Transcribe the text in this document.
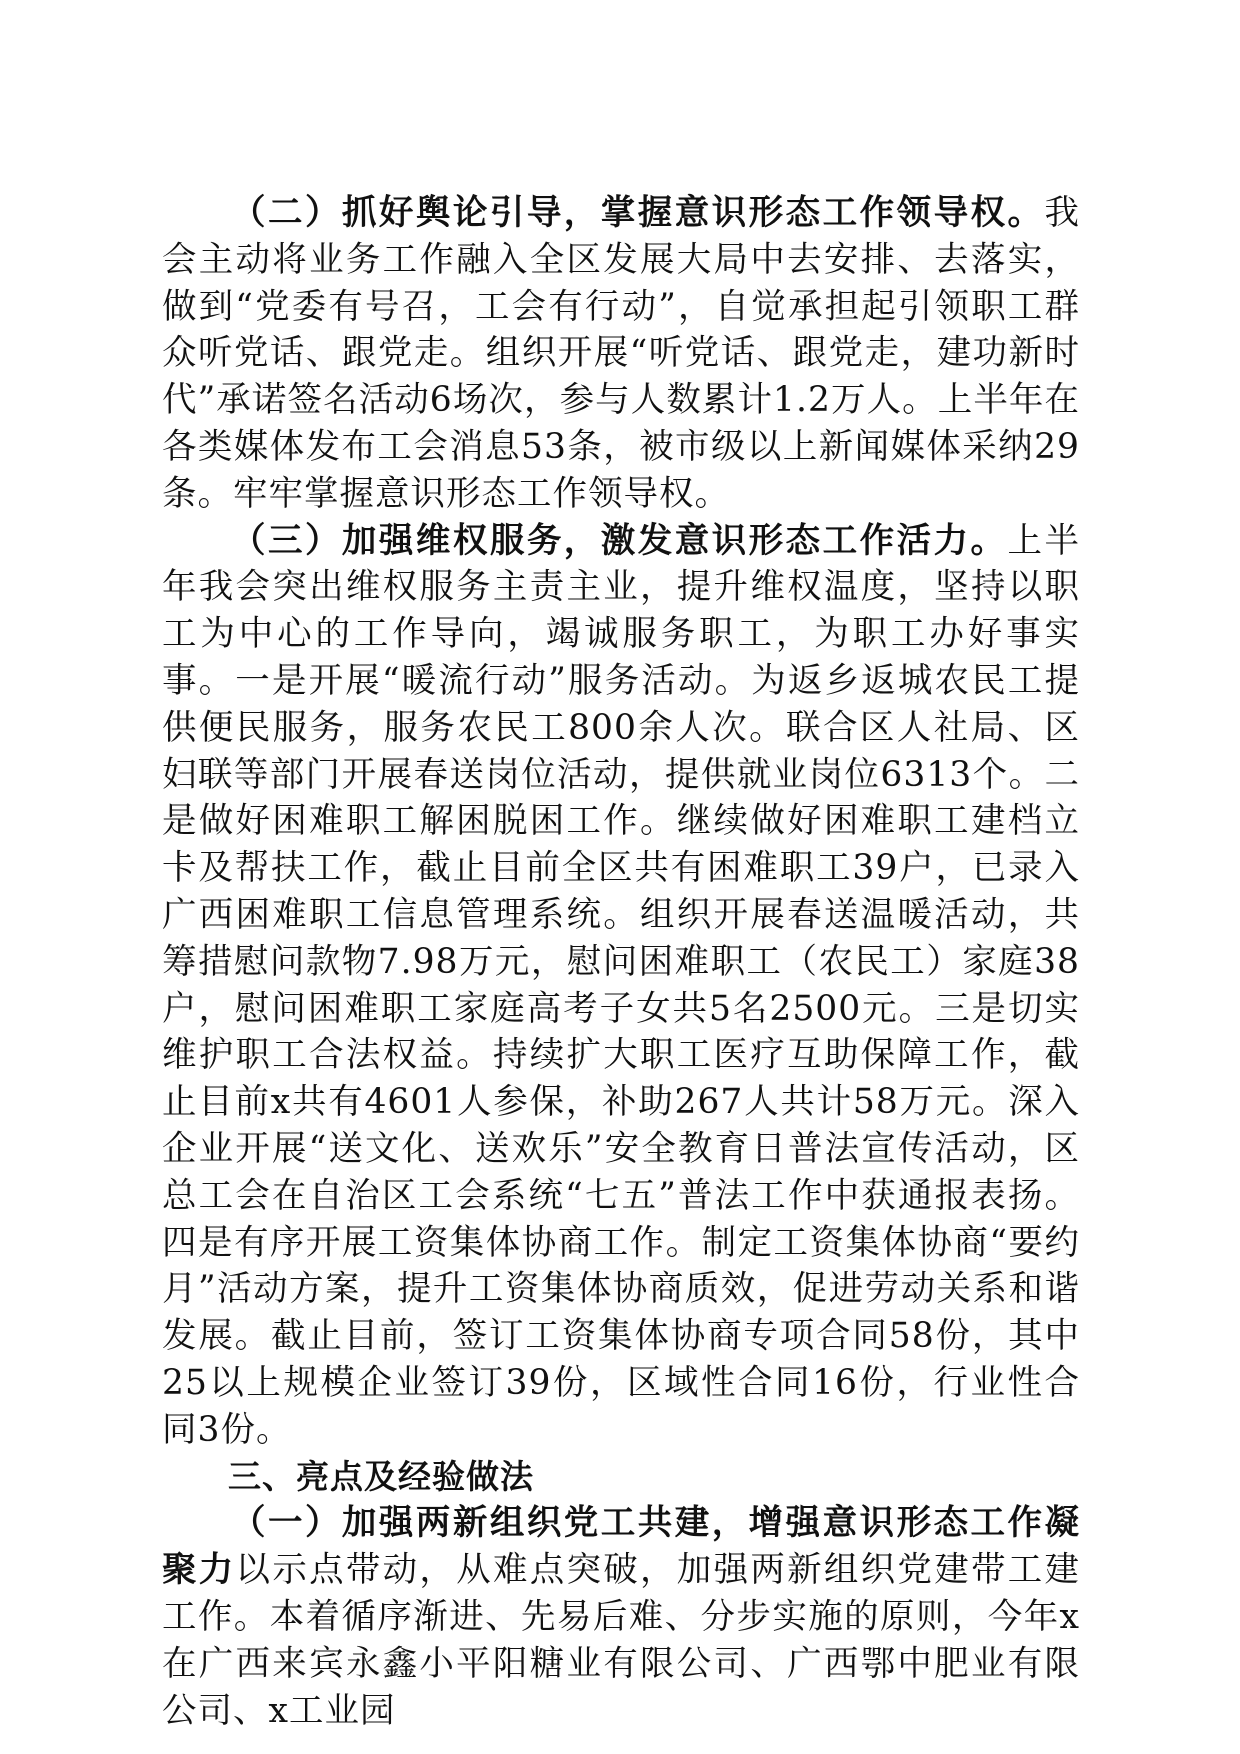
（二）抓好舆论引导，掌握意识形态工作领导权。我会主动将业务工作融入全区发展大局中去安排、去落实，做到“党委有号召，工会有行动”，自觉承担起引领职工群众听党话、跟党走。组织开展“听党话、跟党走，建功新时代”承诺签名活动6场次，参与人数累计1.2万人。上半年在各类媒体发布工会消息53条，被市级以上新闻媒体采纳29条。牢牢掌握意识形态工作领导权。

（三）加强维权服务，激发意识形态工作活力。上半年我会突出维权服务主责主业，提升维权温度，坚持以职工为中心的工作导向，竭诚服务职工，为职工办好事实事。一是开展“暖流行动”服务活动。为返乡返城农民工提供便民服务，服务农民工800余人次。联合区人社局、区妇联等部门开展春送岗位活动，提供就业岗位6313个。二是做好困难职工解困脱困工作。继续做好困难职工建档立卡及帮扶工作，截止目前全区共有困难职工39户，已录入广西困难职工信息管理系统。组织开展春送温暖活动，共筹措慰问款物7.98万元，慰问困难职工（农民工）家庭38户，慰问困难职工家庭高考子女共5名2500元。三是切实维护职工合法权益。持续扩大职工医疗互助保障工作，截止目前x共有4601人参保，补助267人共计58万元。深入企业开展“送文化、送欢乐”安全教育日普法宣传活动，区总工会在自治区工会系统“七五”普法工作中获通报表扬。四是有序开展工资集体协商工作。制定工资集体协商“要约月”活动方案，提升工资集体协商质效，促进劳动关系和谐发展。截止目前，签订工资集体协商专项合同58份，其中25以上规模企业签订39份，区域性合同16份，行业性合同3份。

三、亮点及经验做法

（一）加强两新组织党工共建，增强意识形态工作凝聚力以示点带动，从难点突破，加强两新组织党建带工建工作。本着循序渐进、先易后难、分步实施的原则，今年x在广西来宾永鑫小平阳糖业有限公司、广西鄂中肥业有限公司、x工业园
